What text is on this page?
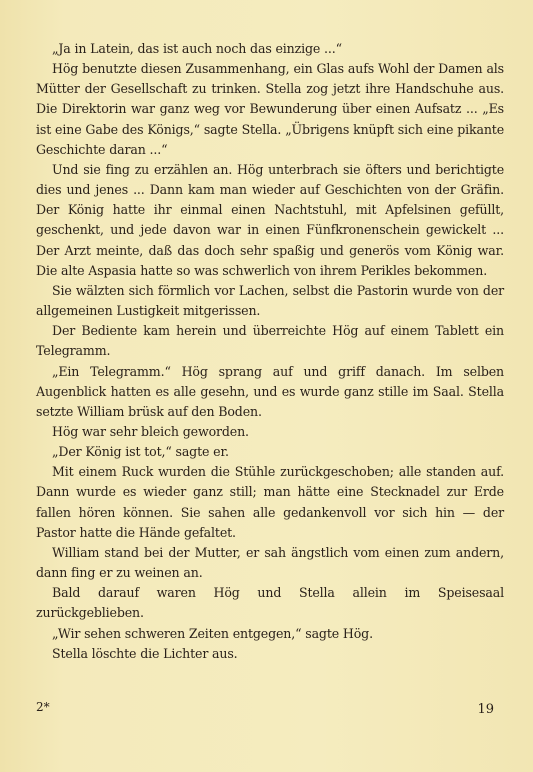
„Ja in Latein, das ist auch noch das einzige ...“

Hög benutzte diesen Zusammenhang, ein Glas aufs Wohl der Damen als Mütter der Gesellschaft zu trinken. Stella zog jetzt ihre Handschuhe aus. Die Direktorin war ganz weg vor Bewunderung über einen Aufsatz ... „Es ist eine Gabe des Königs,“ sagte Stella. „Übrigens knüpft sich eine pikante Geschichte daran ...“

Und sie fing zu erzählen an. Hög unterbrach sie öfters und berichtigte dies und jenes ... Dann kam man wieder auf Geschichten von der Gräfin. Der König hatte ihr einmal einen Nachtstuhl, mit Apfelsinen gefüllt, geschenkt, und jede davon war in einen Fünfkronenschein gewickelt ... Der Arzt meinte, daß das doch sehr spaßig und generös vom König war. Die alte Aspasia hatte so was schwerlich von ihrem Perikles bekommen.

Sie wälzten sich förmlich vor Lachen, selbst die Pastorin wurde von der allgemeinen Lustigkeit mitgerissen.

Der Bediente kam herein und überreichte Hög auf einem Tablett ein Telegramm.

„Ein Telegramm.“ Hög sprang auf und griff danach. Im selben Augenblick hatten es alle gesehn, und es wurde ganz stille im Saal. Stella setzte William brüsk auf den Boden.

Hög war sehr bleich geworden.

„Der König ist tot,“ sagte er.

Mit einem Ruck wurden die Stühle zurückgeschoben; alle standen auf. Dann wurde es wieder ganz still; man hätte eine Stecknadel zur Erde fallen hören können. Sie sahen alle gedankenvoll vor sich hin — der Pastor hatte die Hände gefaltet.

William stand bei der Mutter, er sah ängstlich vom einen zum andern, dann fing er zu weinen an.

Bald darauf waren Hög und Stella allein im Speisesaal zurückgeblieben.

„Wir sehen schweren Zeiten entgegen,“ sagte Hög.

Stella löschte die Lichter aus.

2*	19
